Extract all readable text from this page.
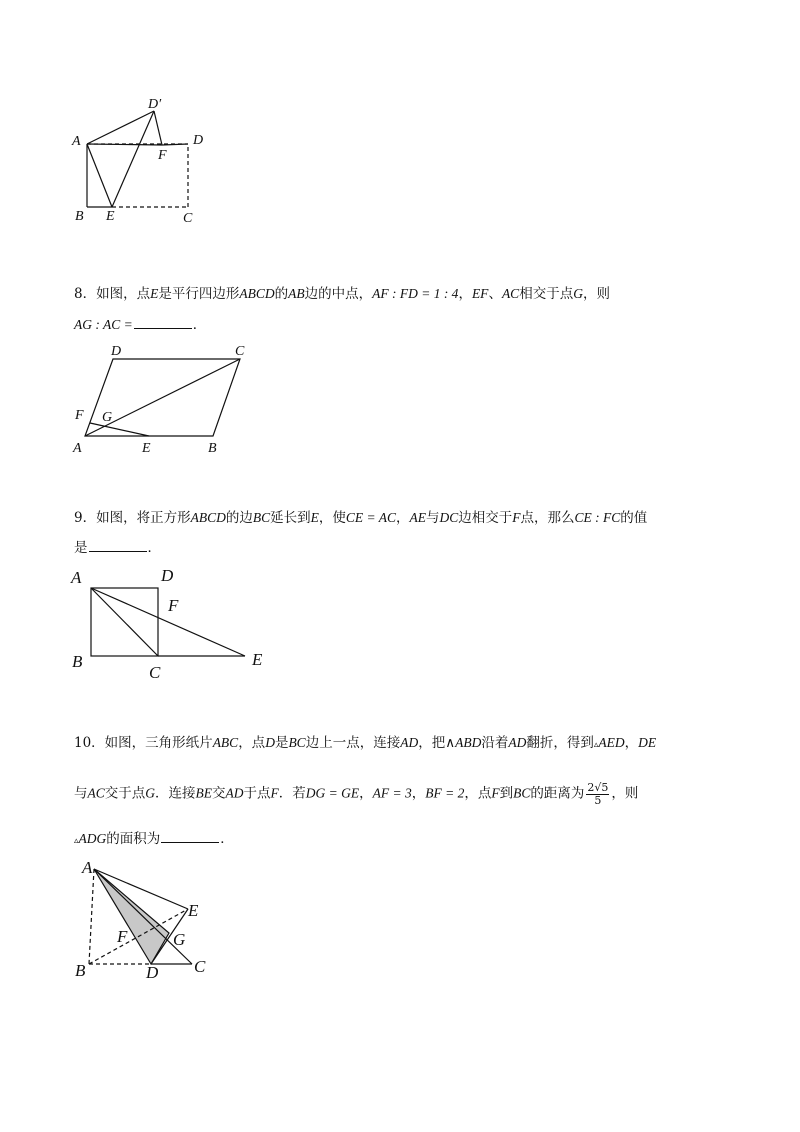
A
B E	C
D
F
D′
8．如图，点E是平行四边形ABCD的AB边的中点，AF : FD = 1 : 4，EF、AC相交于点G，则
AG : AC =	．
D	C
F G
A	E	B
9．如图，将正方形ABCD的边BC延长到E，使CE = AC，AE与DC边相交于F点，那么CE : FC的值
是	．
A	D
F
B
C
E
10．如图，三角形纸片ABC，点D是BC边上一点，连接AD，把∧ABD沿着AD翻折，得到▵AED，DE
与AC交于点G．连接BE交AD于点F．若DG = GE，AF = 3，BF = 2，点F到BC的距离为 $\frac{2√5}{5}$ ，则
▵ADG的面积为	．
A
E
F	G
B	D C
